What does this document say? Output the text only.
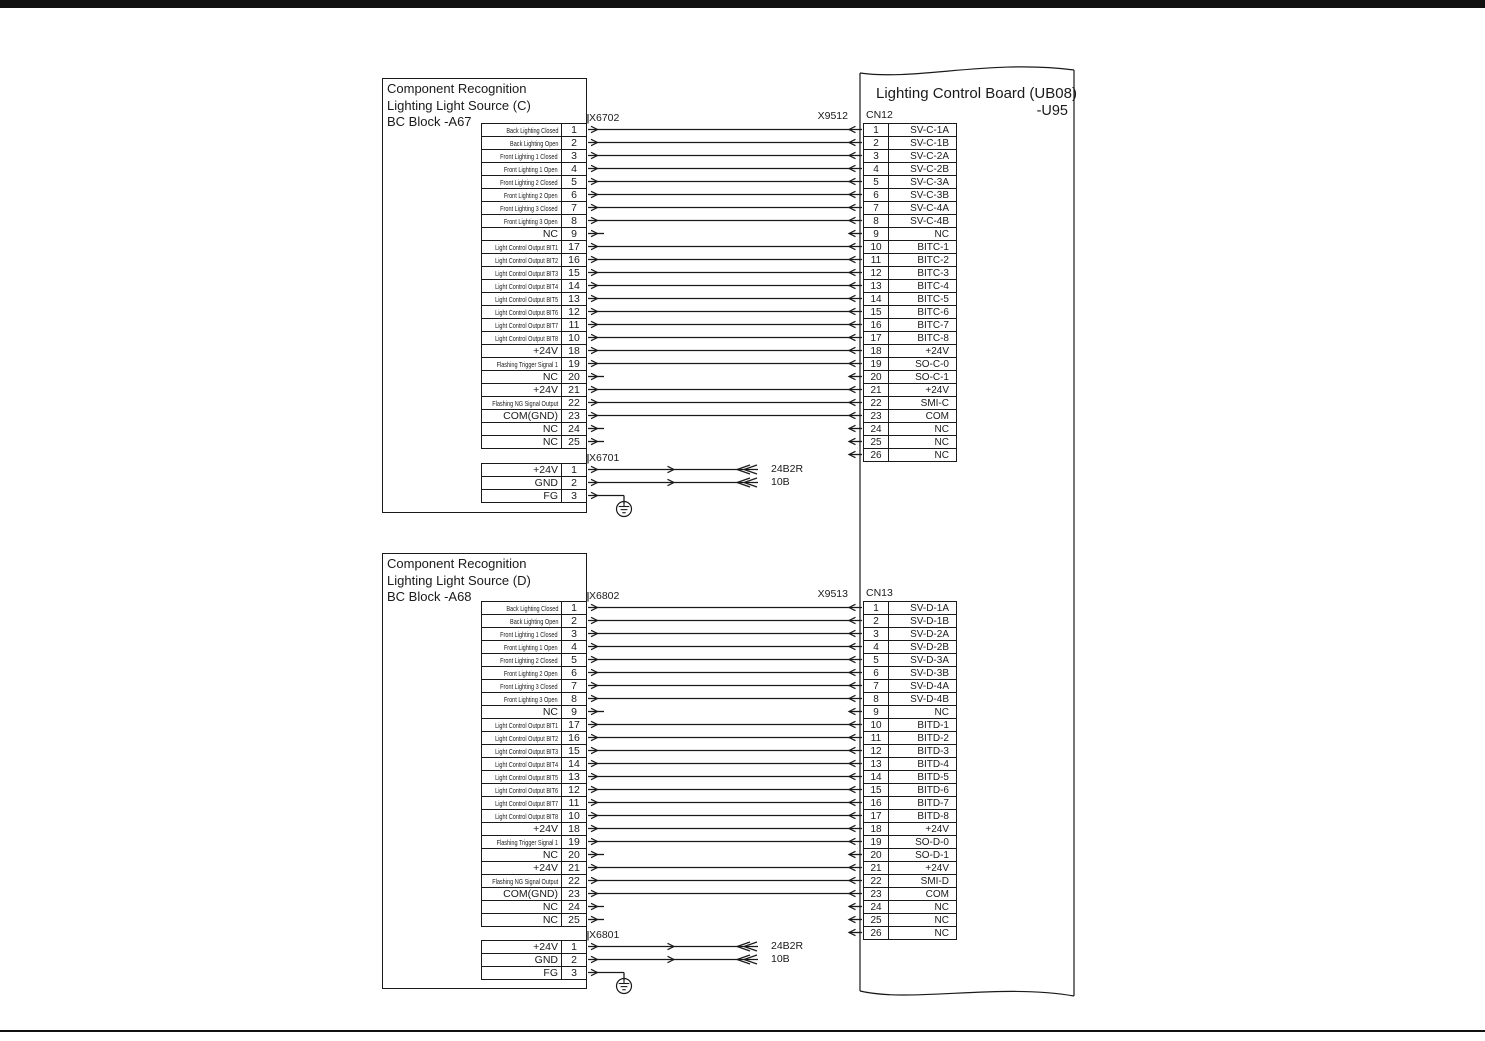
Component Recognition
Lighting Light Source (C)
BC Block -A67	X6702
Back Lighting Closed	1
Back Lighting Open	2
Front Lighting 1 Closed	3
Front Lighting 1 Open	4
Front Lighting 2 Closed	5
Front Lighting 2 Open	6
Front Lighting 3 Closed	7
Front Lighting 3 Open	8
NC	9
Light Control Output BIT1 17
Light Control Output BIT2 16
Light Control Output BIT3 15
Light Control Output BIT4 14
Light Control Output BIT5 13
Light Control Output BIT6 12
Light Control Output BIT7	11
Light Control Output BIT8 10
+24V 18
Flashing Trigger Signal 1 19
NC 20
+24V 21
Flashing NG Signal Output 22
COM(GND) 23
NC 24
NC 25
X6701
+24V	1
GND	2
FG	3
X9512
Component Recognition
Lighting Light Source (D)
BC Block -A68	X6802
Back Lighting Closed	1
Back Lighting Open	2
Front Lighting 1 Closed	3
Front Lighting 1 Open	4
Front Lighting 2 Closed	5
Front Lighting 2 Open	6
Front Lighting 3 Closed	7
Front Lighting 3 Open	8
NC	9
Light Control Output BIT1 17
Light Control Output BIT2 16
Light Control Output BIT3 15
Light Control Output BIT4 14
Light Control Output BIT5 13
Light Control Output BIT6 12
Light Control Output BIT7	11
Light Control Output BIT8 10
+24V 18
Flashing Trigger Signal 1 19
NC 20
+24V 21
Flashing NG Signal Output 22
COM(GND) 23
NC 24
NC 25
X6801
+24V	1
GND	2
FG	3
X9513
Lighting Control Board (UB08)
-U95
CN12
1	SV-C-1A
2	SV-C-1B
3	SV-C-2A
4	SV-C-2B
5	SV-C-3A
6	SV-C-3B
7	SV-C-4A
8	SV-C-4B
9	NC
10	BITC-1
11	BITC-2
12	BITC-3
13	BITC-4
14	BITC-5
15	BITC-6
16	BITC-7
17	BITC-8
18	+24V
19	SO-C-0
20	SO-C-1
21	+24V
22	SMI-C
23	COM
24	NC
25	NC
26	NC
CN13
1	SV-D-1A
2	SV-D-1B
3	SV-D-2A
4	SV-D-2B
5	SV-D-3A
6	SV-D-3B
7	SV-D-4A
8	SV-D-4B
9	NC
10	BITD-1
11	BITD-2
12	BITD-3
13	BITD-4
14	BITD-5
15	BITD-6
16	BITD-7
17	BITD-8
18	+24V
19	SO-D-0
20	SO-D-1
21	+24V
22	SMI-D
23	COM
24	NC
25	NC
26	NC
24B2R
10B
24B2R
10B
